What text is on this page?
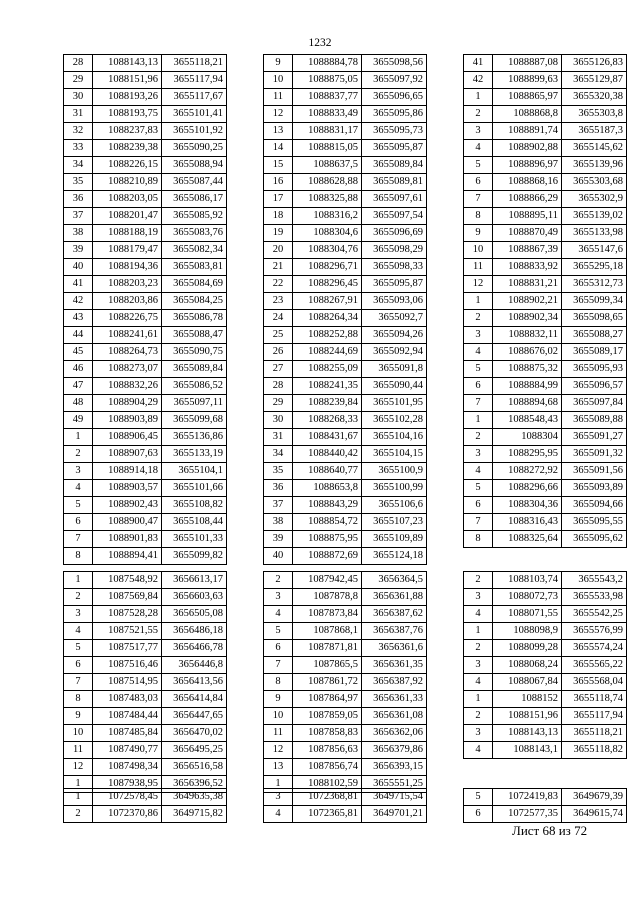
1232
28	1088143,13	3655118,21
29	1088151,96	3655117,94
30	1088193,26	3655117,67
31	1088193,75	3655101,41
32	1088237,83	3655101,92
33	1088239,38	3655090,25
34	1088226,15	3655088,94
35	1088210,89	3655087,44
36	1088203,05	3655086,17
37	1088201,47	3655085,92
38	1088188,19	3655083,76
39	1088179,47	3655082,34
40	1088194,36	3655083,81
41	1088203,23	3655084,69
42	1088203,86	3655084,25
43	1088226,75	3655086,78
44	1088241,61	3655088,47
45	1088264,73	3655090,75
46	1088273,07	3655089,84
47	1088832,26	3655086,52
48	1088904,29	3655097,11
49	1088903,89	3655099,68
1	1088906,45	3655136,86
2	1088907,63	3655133,19
3	1088914,18	3655104,1
4	1088903,57	3655101,66
5	1088902,43	3655108,82
6	1088900,47	3655108,44
7	1088901,83	3655101,33
8	1088894,41	3655099,82
9	1088884,78	3655098,56
10	1088875,05	3655097,92
11	1088837,77	3655096,65
12	1088833,49	3655095,86
13	1088831,17	3655095,73
14	1088815,05	3655095,87
15	1088637,5	3655089,84
16	1088628,88	3655089,81
17	1088325,88	3655097,61
18	1088316,2	3655097,54
19	1088304,6	3655096,69
20	1088304,76	3655098,29
21	1088296,71	3655098,33
22	1088296,45	3655095,87
23	1088267,91	3655093,06
24	1088264,34	3655092,7
25	1088252,88	3655094,26
26	1088244,69	3655092,94
27	1088255,09	3655091,8
28	1088241,35	3655090,44
29	1088239,84	3655101,95
30	1088268,33	3655102,28
31	1088431,67	3655104,16
34	1088440,42	3655104,15
35	1088640,77	3655100,9
36	1088653,8	3655100,99
37	1088843,29	3655106,6
38	1088854,72	3655107,23
39	1088875,95	3655109,89
40	1088872,69	3655124,18
41	1088887,08	3655126,83
42	1088899,63	3655129,87
1	1088865,97	3655320,38
2	1088868,8	3655303,8
3	1088891,74	3655187,3
4	1088902,88	3655145,62
5	1088896,97	3655139,96
6	1088868,16	3655303,68
7	1088866,29	3655302,9
8	1088895,11	3655139,02
9	1088870,49	3655133,98
10	1088867,39	3655147,6
11	1088833,92	3655295,18
12	1088831,21	3655312,73
1	1088902,21	3655099,34
2	1088902,34	3655098,65
3	1088832,11	3655088,27
4	1088676,02	3655089,17
5	1088875,32	3655095,93
6	1088884,99	3655096,57
7	1088894,68	3655097,84
1	1088548,43	3655089,88
2	1088304	3655091,27
3	1088295,95	3655091,32
4	1088272,92	3655091,56
5	1088296,66	3655093,89
6	1088304,36	3655094,66
7	1088316,43	3655095,55
8	1088325,64	3655095,62
1	1087548,92	3656613,17
2	1087569,84	3656603,63
3	1087528,28	3656505,08
4	1087521,55	3656486,18
5	1087517,77	3656466,78
6	1087516,46	3656446,8
7	1087514,95	3656413,56
8	1087483,03	3656414,84
9	1087484,44	3656447,65
10	1087485,84	3656470,02
11	1087490,77	3656495,25
12	1087498,34	3656516,58
1	1087938,95	3656396,52
2	1087942,45	3656364,5
3	1087878,8	3656361,88
4	1087873,84	3656387,62
5	1087868,1	3656387,76
6	1087871,81	3656361,6
7	1087865,5	3656361,35
8	1087861,72	3656387,92
9	1087864,97	3656361,33
10	1087859,05	3656361,08
11	1087858,83	3656362,06
12	1087856,63	3656379,86
13	1087856,74	3656393,15
1	1088102,59	3655551,25
2	1088103,74	3655543,2
3	1088072,73	3655533,98
4	1088071,55	3655542,25
1	1088098,9	3655576,99
2	1088099,28	3655574,24
3	1088068,24	3655565,22
4	1088067,84	3655568,04
1	1088152	3655118,74
2	1088151,96	3655117,94
3	1088143,13	3655118,21
4	1088143,1	3655118,82
1	1072578,45	3649635,38
2	1072370,86	3649715,82
3	1072368,81	3649715,54
4	1072365,81	3649701,21
5	1072419,83	3649679,39
6	1072577,35	3649615,74
Лист 68 из 72
